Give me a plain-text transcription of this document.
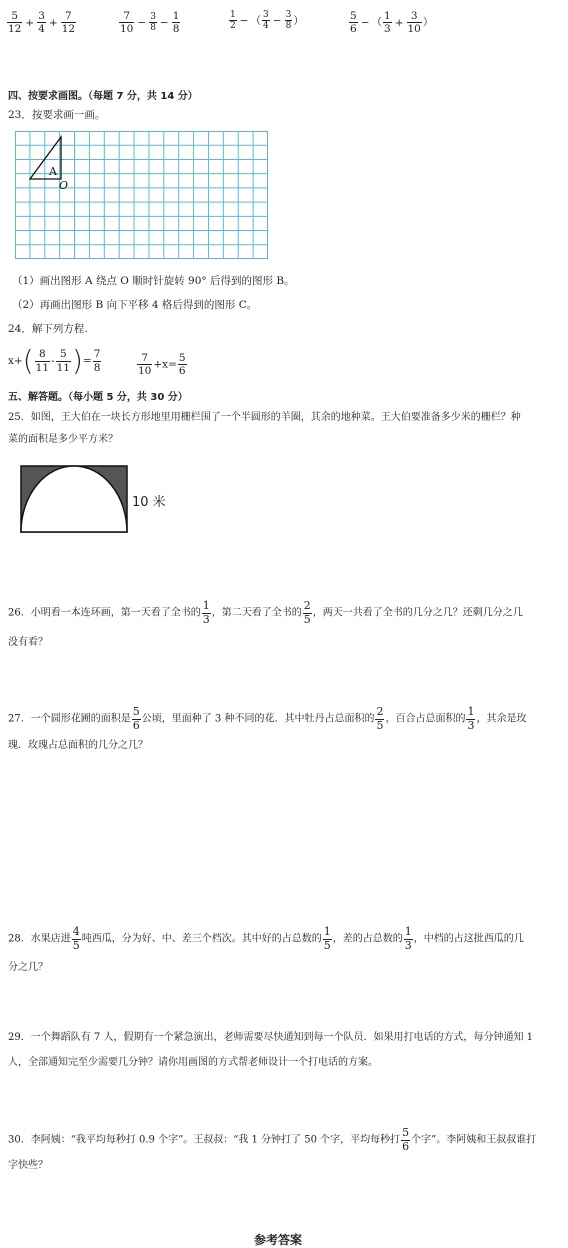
$\frac{5}{12} + \frac{3}{4} + \frac{7}{12}$	$\frac{7}{10} - \frac{3}{8} - \frac{1}{8}$	$\frac{1}{2}$ − （ $\frac{3}{4} - \frac{3}{8}$ ）	$\frac{5}{6}$ − （ $\frac{1}{3} + \frac{3}{10}$ ）
四、按要求画图。（每题 7 分，共 14 分）
23．按要求画一画。
A
O
（1）画出图形 A 绕点 O 顺时针旋转 90° 后得到的图形 B。
（2）再画出图形 B 向下平移 4 格后得到的图形 C。
24．解下列方程.
$x+( \frac{8}{11} - \frac{5}{11}$ )= $\frac{7}{8}$	$\frac{7}{10} +x= \frac{5}{6}$
五、解答题。（每小题 5 分，共 30 分）
25．如图，王大伯在一块长方形地里用栅栏围了一个半圆形的羊圈，其余的地种菜。王大伯要准备多少米的栅栏？种
菜的面积是多少平方米？
10 米
26．小明看一本连环画，第一天看了全书的 $\frac{1}{3}$ ，第二天看了全书的 $\frac{2}{5}$ ，两天一共看了全书的几分之几？还剩几分之几
没有看？
27．一个圆形花圃的面积是 $\frac{5}{6}$ 公顷，里面种了 3 种不同的花．其中牡丹占总面积的 $\frac{2}{5}$ ，百合占总面积的 $\frac{1}{3}$ ，其余是玫
瑰．玫瑰占总面积的几分之几？
28．水果店进 $\frac{4}{5}$ 吨西瓜，分为好、中、差三个档次。其中好的占总数的 $\frac{1}{5}$ ，差的占总数的 $\frac{1}{3}$ ，中档的占这批西瓜的几
分之几？
29．一个舞蹈队有 7 人，假期有一个紧急演出，老师需要尽快通知到每一个队员．如果用打电话的方式，每分钟通知 1
人，全部通知完至少需要几分钟？请你用画图的方式帮老师设计一个打电话的方案。
30．李阿姨：“我平均每秒打 0.9 个字”。王叔叔：“我 1 分钟打了 50 个字，平均每秒打 $\frac{5}{6}$ 个字”。李阿姨和王叔叔谁打
字快些？
参考答案
